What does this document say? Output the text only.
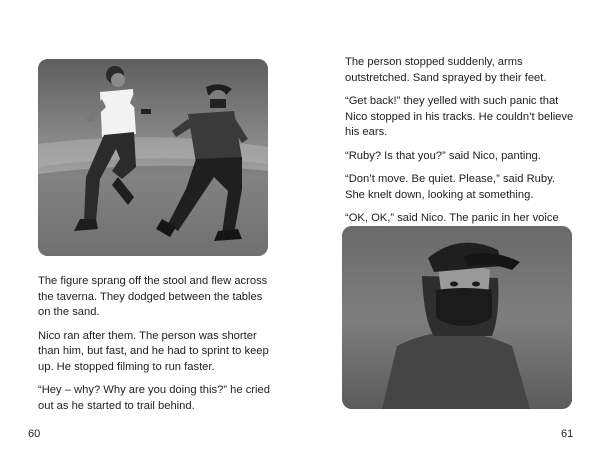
The figure sprang off the stool and flew across the taverna. They dodged between the tables on the sand.

Nico ran after them. The person was shorter than him, but fast, and he had to sprint to keep up. He stopped filming to run faster.

“Hey – why? Why are you doing this?” he cried out as he started to trail behind.

60

The person stopped suddenly, arms outstretched. Sand sprayed by their feet.

“Get back!” they yelled with such panic that Nico stopped in his tracks. He couldn’t believe his ears.

“Ruby? Is that you?” said Nico, panting.

“Don’t move. Be quiet. Please,” said Ruby. She knelt down, looking at something.

“OK, OK,” said Nico. The panic in her voice

61
